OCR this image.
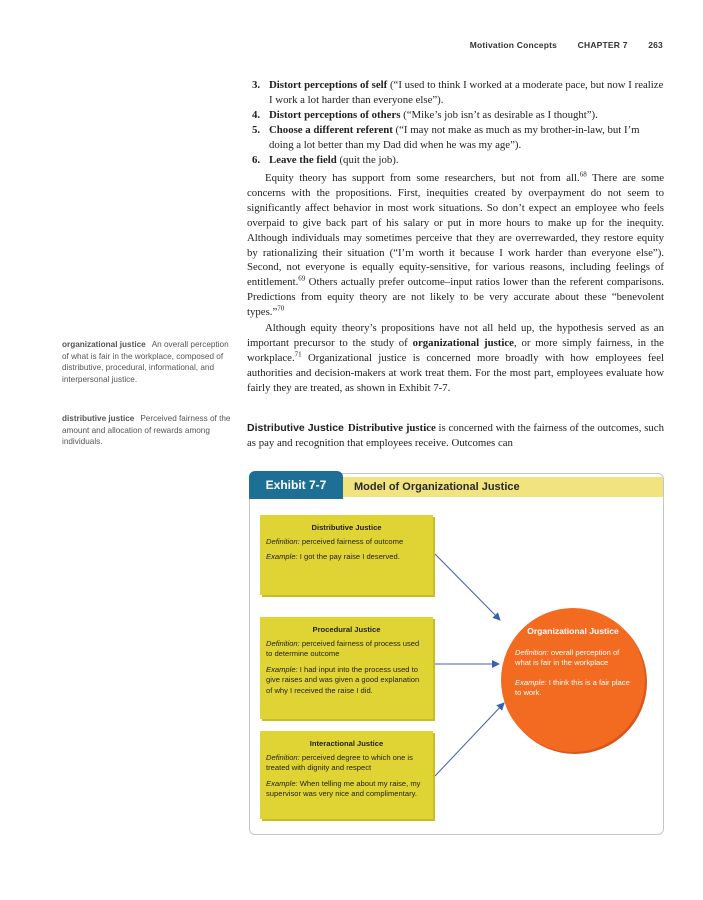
Motivation Concepts CHAPTER 7 263
3. Distort perceptions of self (“I used to think I worked at a moderate pace, but now I realize I work a lot harder than everyone else”).
4. Distort perceptions of others (“Mike’s job isn’t as desirable as I thought”).
5. Choose a different referent (“I may not make as much as my brother-in-law, but I’m doing a lot better than my Dad did when he was my age”).
6. Leave the field (quit the job).

Equity theory has support from some researchers, but not from all.$^{68}$ There are some concerns with the propositions. First, inequities created by overpayment do not seem to significantly affect behavior in most work situations. So don’t expect an employee who feels overpaid to give back part of his salary or put in more hours to make up for the inequity. Although individuals may sometimes perceive that they are overrewarded, they restore equity by rationalizing their situation (“I’m worth it because I work harder than everyone else”). Second, not everyone is equally equity-sensitive, for various reasons, including feelings of entitlement.$^{69}$ Others actually prefer outcome–input ratios lower than the referent comparisons. Predictions from equity theory are not likely to be very accurate about these “benevolent types.”$^{70}$

Although equity theory’s propositions have not all held up, the hypothesis served as an important precursor to the study of organizational justice, or more simply fairness, in the workplace.$^{71}$ Organizational justice is concerned more broadly with how employees feel authorities and decision-makers at work treat them. For the most part, employees evaluate how fairly they are treated, as shown in Exhibit 7-7.

Distributive Justice Distributive justice is concerned with the fairness of the outcomes, such as pay and recognition that employees receive. Outcomes can

organizational justice An overall perception of what is fair in the workplace, composed of distributive, procedural, informational, and interpersonal justice.
distributive justice Perceived fairness of the amount and allocation of rewards among individuals.
Exhibit 7-7	Model of Organizational Justice
Distributive Justice
Definition: perceived fairness of outcome
Example: I got the pay raise I deserved.
Procedural Justice
Definition: perceived fairness of process used to determine outcome
Example: I had input into the process used to give raises and was given a good explanation of why I received the raise I did.
Interactional Justice
Definition: perceived degree to which one is treated with dignity and respect
Example: When telling me about my raise, my supervisor was very nice and complimentary.
Organizational Justice
Definition: overall perception of what is fair in the workplace
Example: I think this is a fair place to work.
